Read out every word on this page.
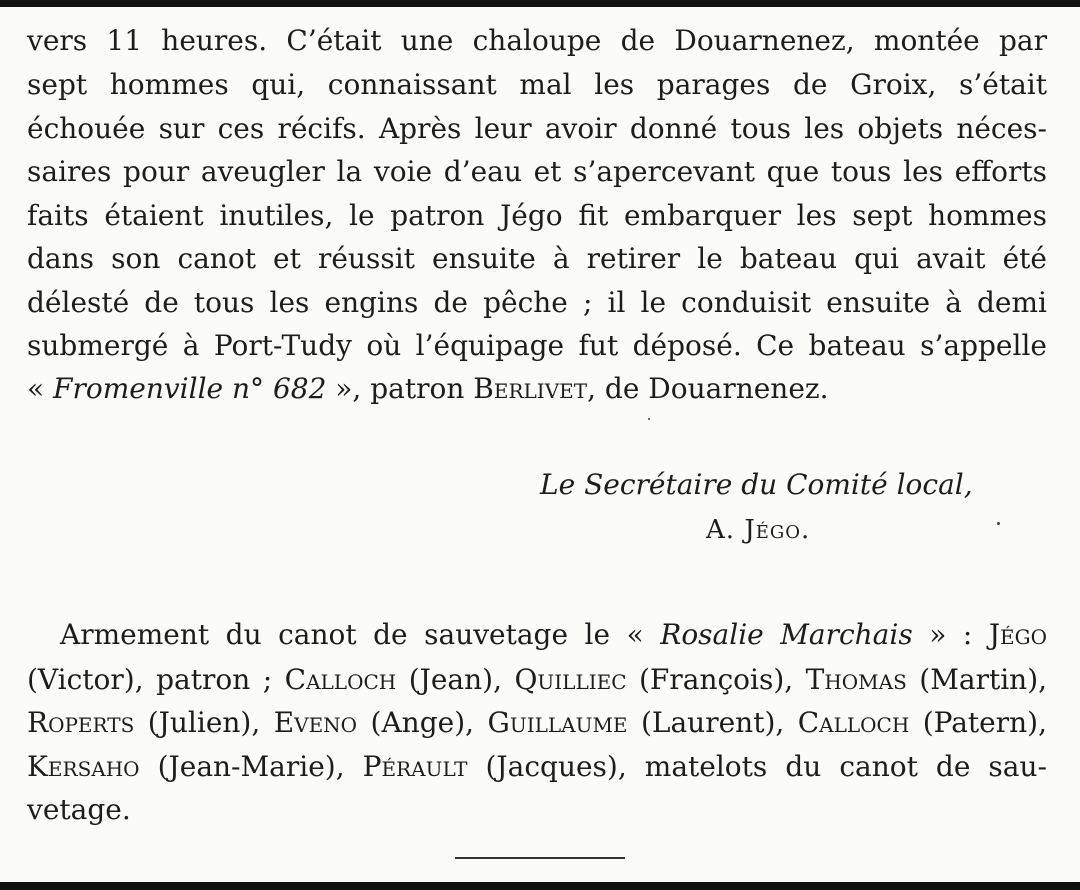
vers 11 heures. C’était une chaloupe de Douarnenez, montée par
sept hommes qui, connaissant mal les parages de Groix, s’était
échouée sur ces récifs. Après leur avoir donné tous les objets néces-
saires pour aveugler la voie d’eau et s’apercevant que tous les efforts
faits étaient inutiles, le patron Jégo fit embarquer les sept hommes
dans son canot et réussit ensuite à retirer le bateau qui avait été
délesté de tous les engins de pêche ; il le conduisit ensuite à demi
submergé à Port-Tudy où l’équipage fut déposé. Ce bateau s’appelle
« Fromenville n° 682 », patron Berlivet, de Douarnenez.
Le Secrétaire du Comité local,
A. Jégo.
Armement du canot de sauvetage le « Rosalie Marchais » : Jégo
(Victor), patron ; Calloch (Jean), Quilliec (François), Thomas (Martin),
Roperts (Julien), Eveno (Ange), Guillaume (Laurent), Calloch (Patern),
Kersaho (Jean-Marie), Pérault (Jacques), matelots du canot de sau-
vetage.
